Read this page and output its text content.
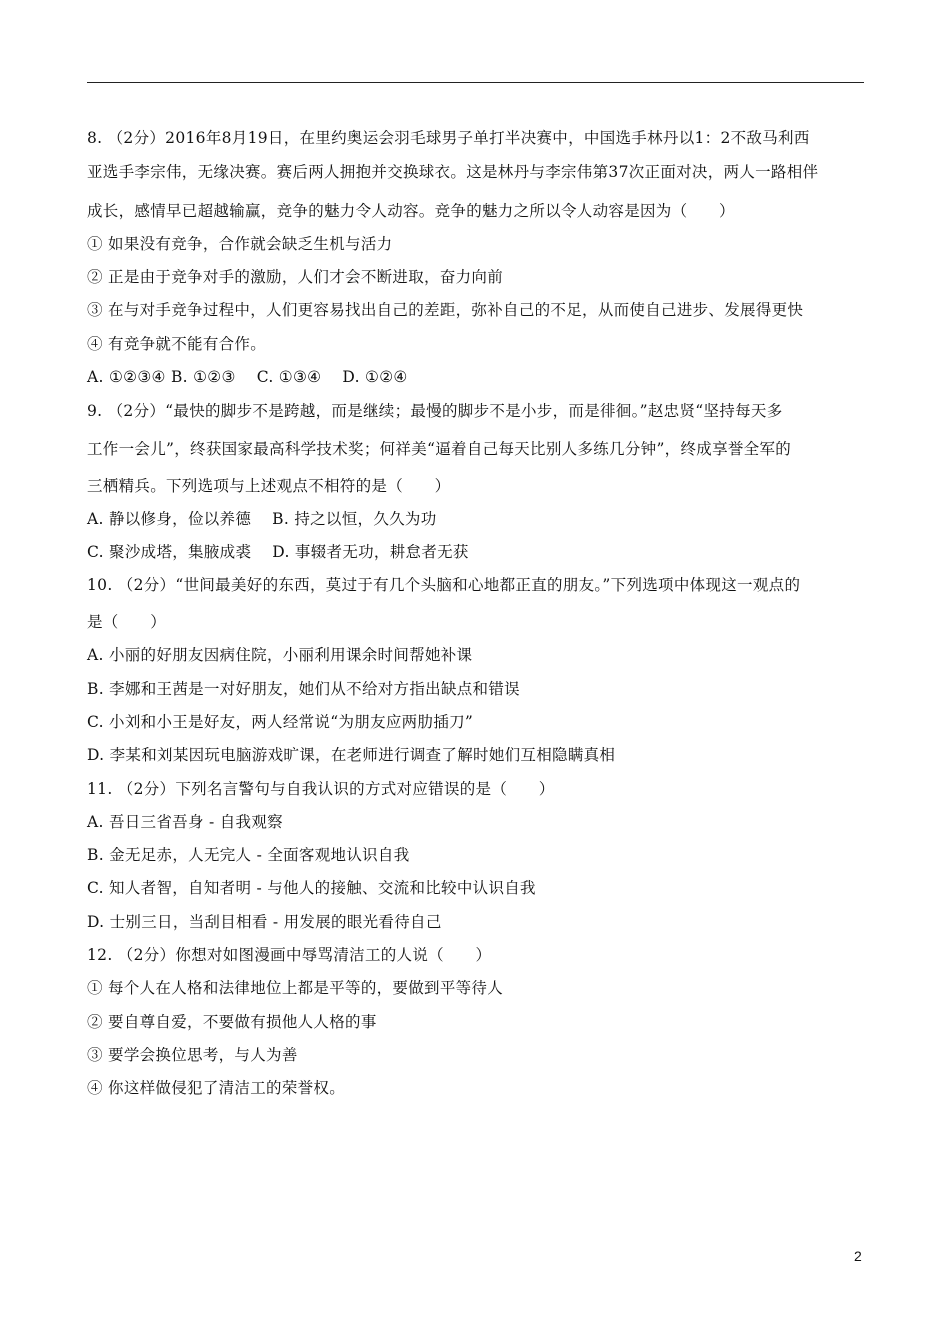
8. （2分）2016年8月19日，在里约奥运会羽毛球男子单打半决赛中，中国选手林丹以1：2不敌马利西
亚选手李宗伟，无缘决赛。赛后两人拥抱并交换球衣。这是林丹与李宗伟第37次正面对决，两人一路相伴
成长，感情早已超越输赢，竞争的魅力令人动容。竞争的魅力之所以令人动容是因为（　　）
① 如果没有竞争，合作就会缺乏生机与活力
② 正是由于竞争对手的激励，人们才会不断进取，奋力向前
③ 在与对手竞争过程中，人们更容易找出自己的差距，弥补自己的不足，从而使自己进步、发展得更快
④ 有竞争就不能有合作。
A. ①②③④ B. ①②③　 C. ①③④　 D. ①②④
9. （2分）“最快的脚步不是跨越，而是继续；最慢的脚步不是小步，而是徘徊。”赵忠贤“坚持每天多
工作一会儿”，终获国家最高科学技术奖；何祥美“逼着自己每天比别人多练几分钟”，终成享誉全军的
三栖精兵。下列选项与上述观点不相符的是（　　）
A. 静以修身，俭以养德　 B. 持之以恒，久久为功
C. 聚沙成塔，集腋成裘　 D. 事辍者无功，耕怠者无获
10. （2分）“世间最美好的东西，莫过于有几个头脑和心地都正直的朋友。”下列选项中体现这一观点的
是（　　）
A. 小丽的好朋友因病住院，小丽利用课余时间帮她补课
B. 李娜和王茜是一对好朋友，她们从不给对方指出缺点和错误
C. 小刘和小王是好友，两人经常说“为朋友应两肋插刀”
D. 李某和刘某因玩电脑游戏旷课，在老师进行调查了解时她们互相隐瞒真相
11. （2分）下列名言警句与自我认识的方式对应错误的是（　　）
A. 吾日三省吾身 - 自我观察
B. 金无足赤，人无完人 - 全面客观地认识自我
C. 知人者智，自知者明 - 与他人的接触、交流和比较中认识自我
D. 士别三日，当刮目相看 - 用发展的眼光看待自己
12. （2分）你想对如图漫画中辱骂清洁工的人说（　　）
① 每个人在人格和法律地位上都是平等的，要做到平等待人
② 要自尊自爱，不要做有损他人人格的事
③ 要学会换位思考，与人为善
④ 你这样做侵犯了清洁工的荣誉权。
2
